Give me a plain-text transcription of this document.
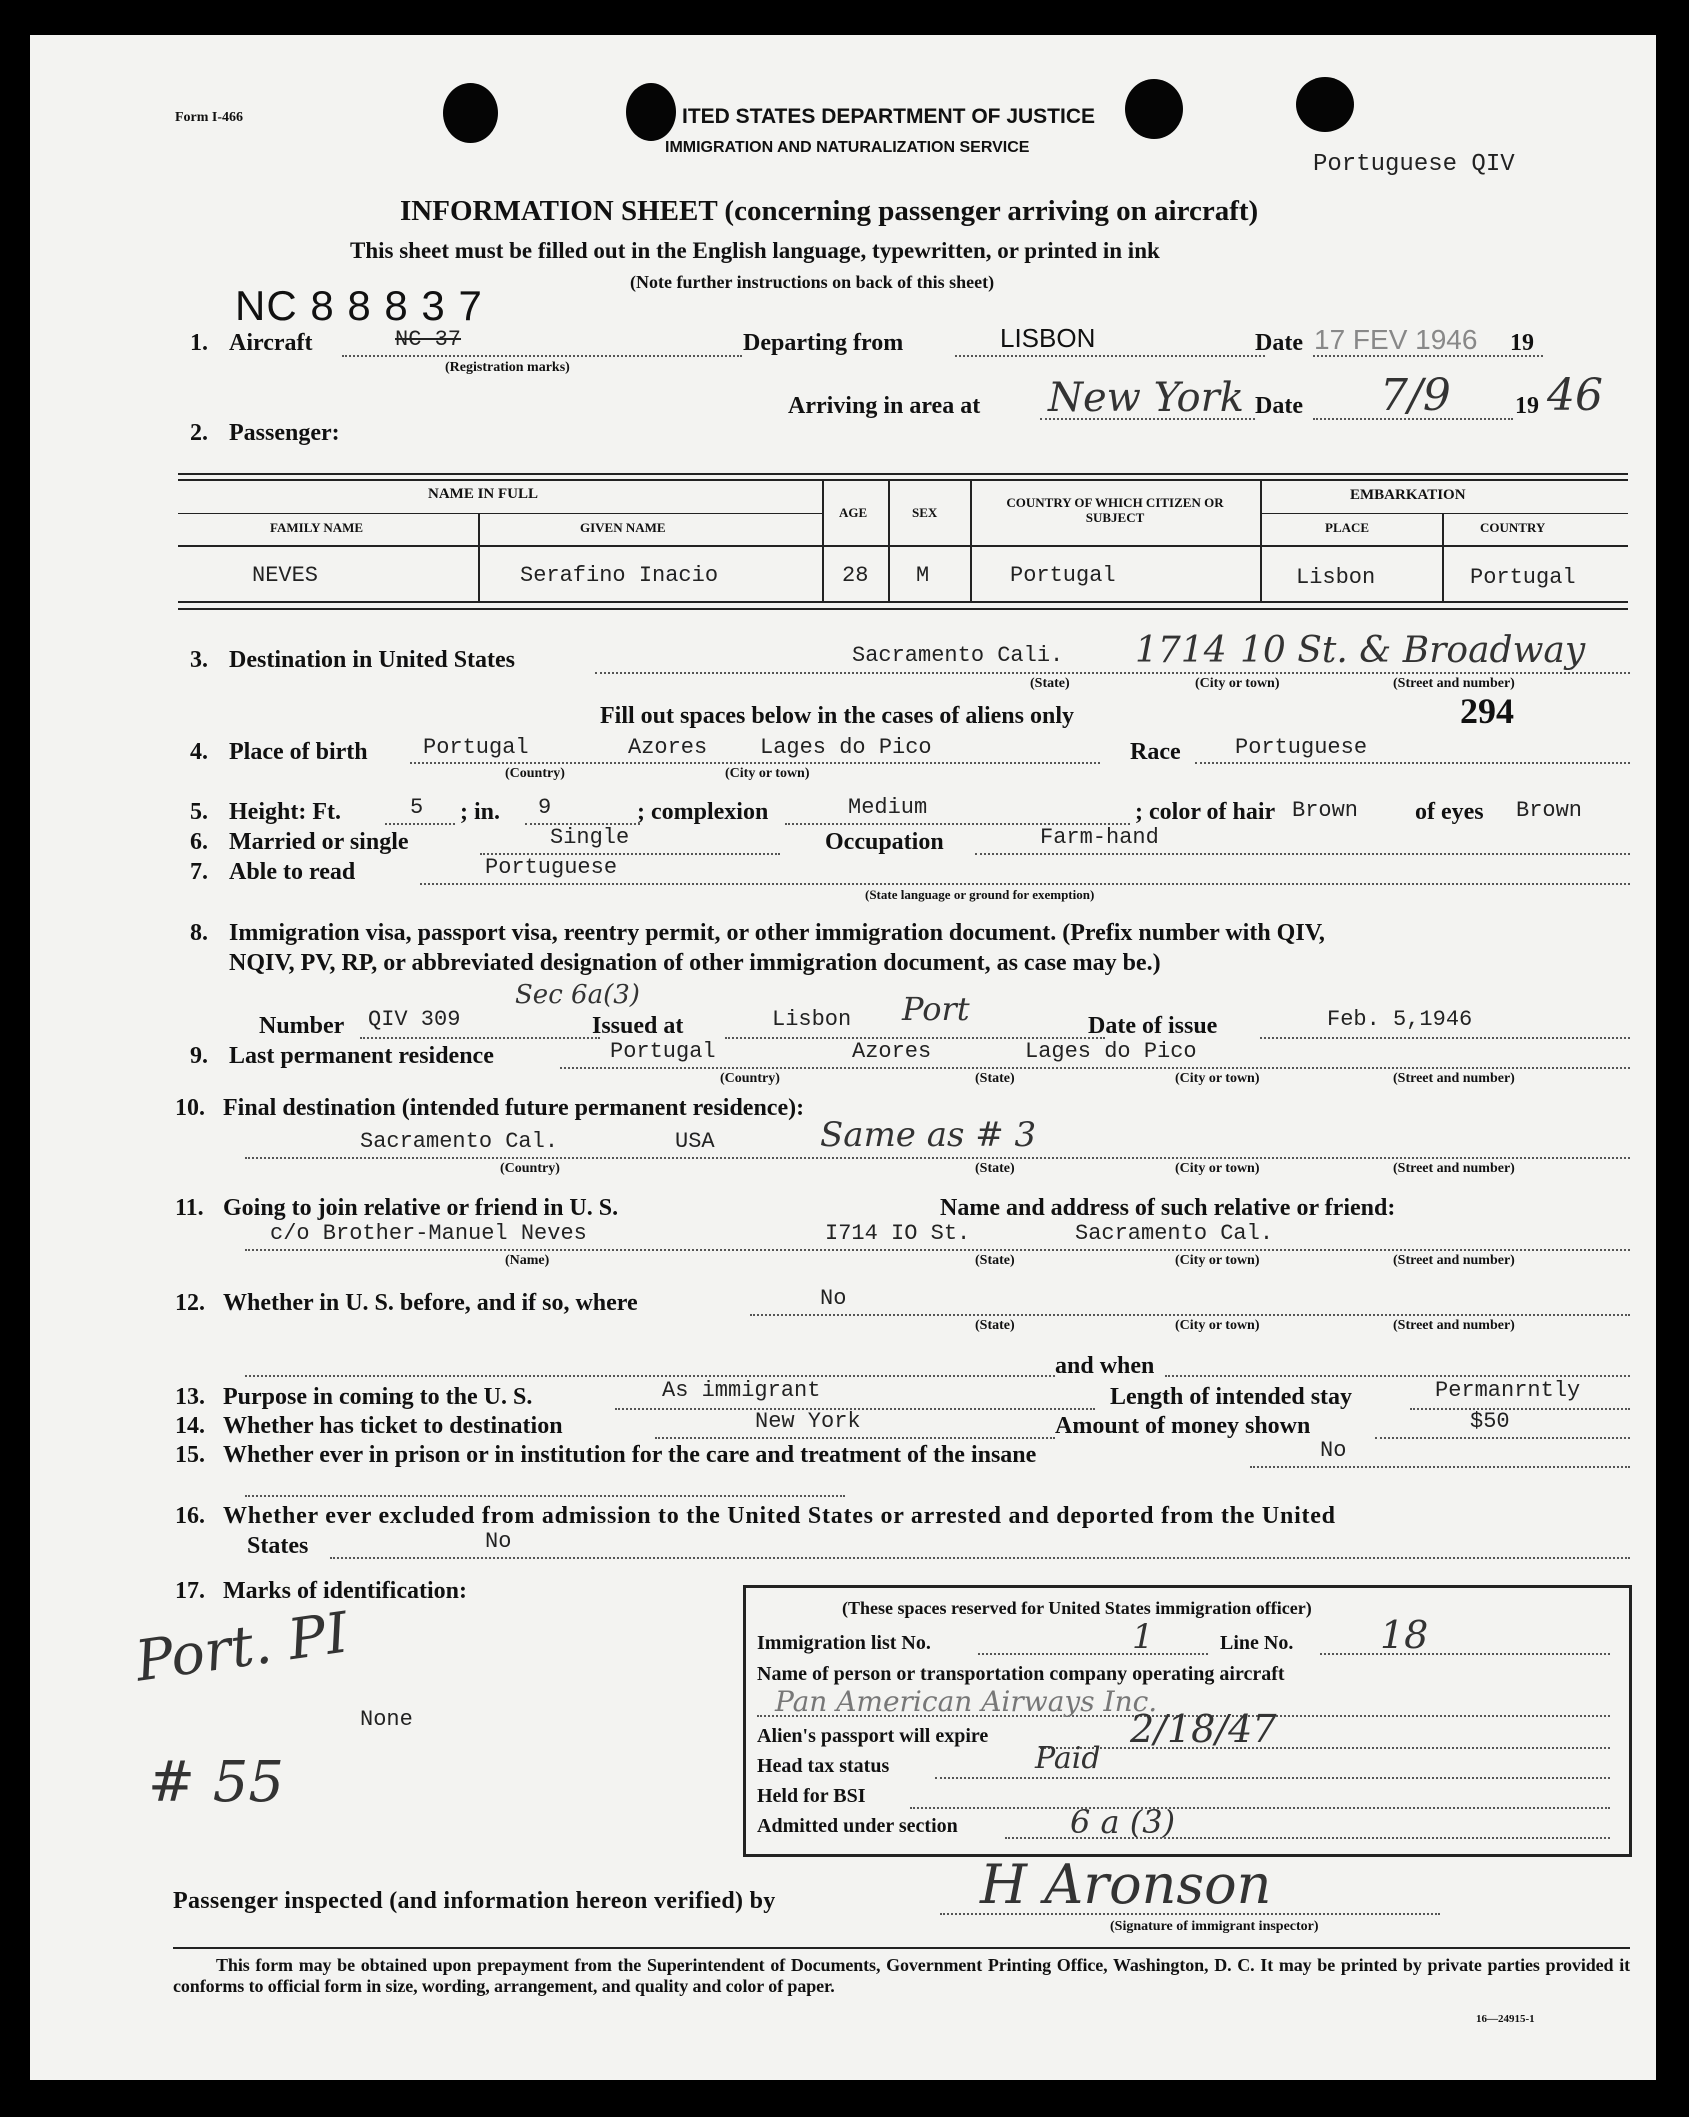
Form I-466	ITED STATES DEPARTMENT OF JUSTICE
IMMIGRATION AND NATURALIZATION SERVICE
Portuguese QIV
INFORMATION SHEET (concerning passenger arriving on aircraft)
This sheet must be filled out in the English language, typewritten, or printed in ink
(Note further instructions on back of this sheet)
NC 8 8 8 3 7
1. Aircraft	NC-37
(Registration marks)
Departing from	LISBON	Date 17 FEV 1946 19
Arriving in area at New York Date 7/9	19 46
2. Passenger:
NAME IN FULL
FAMILY NAME	GIVEN NAME
AGE	SEX
COUNTRY OF WHICH CITIZEN OR SUBJECT
EMBARKATION
PLACE	COUNTRY
NEVES	Serafino Inacio	28 M	Portugal	Lisbon	Portugal
3. Destination in United States	Sacramento Cali. 1714 10 St. & Broadway
(State)	(City or town)	(Street and number)
294
Fill out spaces below in the cases of aliens only
4. Place of birth	Portugal	Azores Lages do Pico
(Country)	(City or town)
Race Portuguese
5. Height: Ft.	5 ; in. 9	; complexion	Medium	; color of hair Brown of eyes Brown
6. Married or single	Single	Occupation	Farm-hand
7. Able to read	Portuguese
(State language or ground for exemption)
8. Immigration visa, passport visa, reentry permit, or other immigration document. (Prefix number with QIV,
NQIV, PV, RP, or abbreviated designation of other immigration document, as case may be.)
Number QIV 309
Sec 6a(3)
Issued at	Lisbon Port	Date of issue	Feb. 5,1946
9. Last permanent residence	Portugal	Azores	Lages do Pico
(Country)	(State)	(City or town)	(Street and number)
10. Final destination (intended future permanent residence):
Sacramento Cal.	USA	Same as # 3
(Country)	(State)	(City or town)	(Street and number)
11. Going to join relative or friend in U. S.	Name and address of such relative or friend:
c/o Brother-Manuel Neves	I714 IO St.	Sacramento Cal.
(Name)	(State)	(City or town)	(Street and number)
12. Whether in U. S. before, and if so, where	No
(State)	(City or town)	(Street and number)
and when
13. Purpose in coming to the U. S.	As immigrant	Length of intended stay	Permanrntly
14. Whether has ticket to destination	New York	Amount of money shown	$50
15. Whether ever in prison or in institution for the care and treatment of the insane	No
16. Whether ever excluded from admission to the United States or arrested and deported from the United
States	No
17. Marks of identification:
None
Port. PI
# 55
(These spaces reserved for United States immigration officer)
Immigration list No.	1	Line No. 18
Name of person or transportation company operating aircraft
Pan American Airways Inc.
Alien's passport will expire	2/18/47
Head tax status	Paid
Held for BSI
Admitted under section	6 a (3)
Passenger inspected (and information hereon verified) by	H Aronson
(Signature of immigrant inspector)
This form may be obtained upon prepayment from the Superintendent of Documents, Government Printing Office, Washington, D. C. It may be printed by private parties provided it conforms to official form in size, wording, arrangement, and quality and color of paper.
16—24915-1
